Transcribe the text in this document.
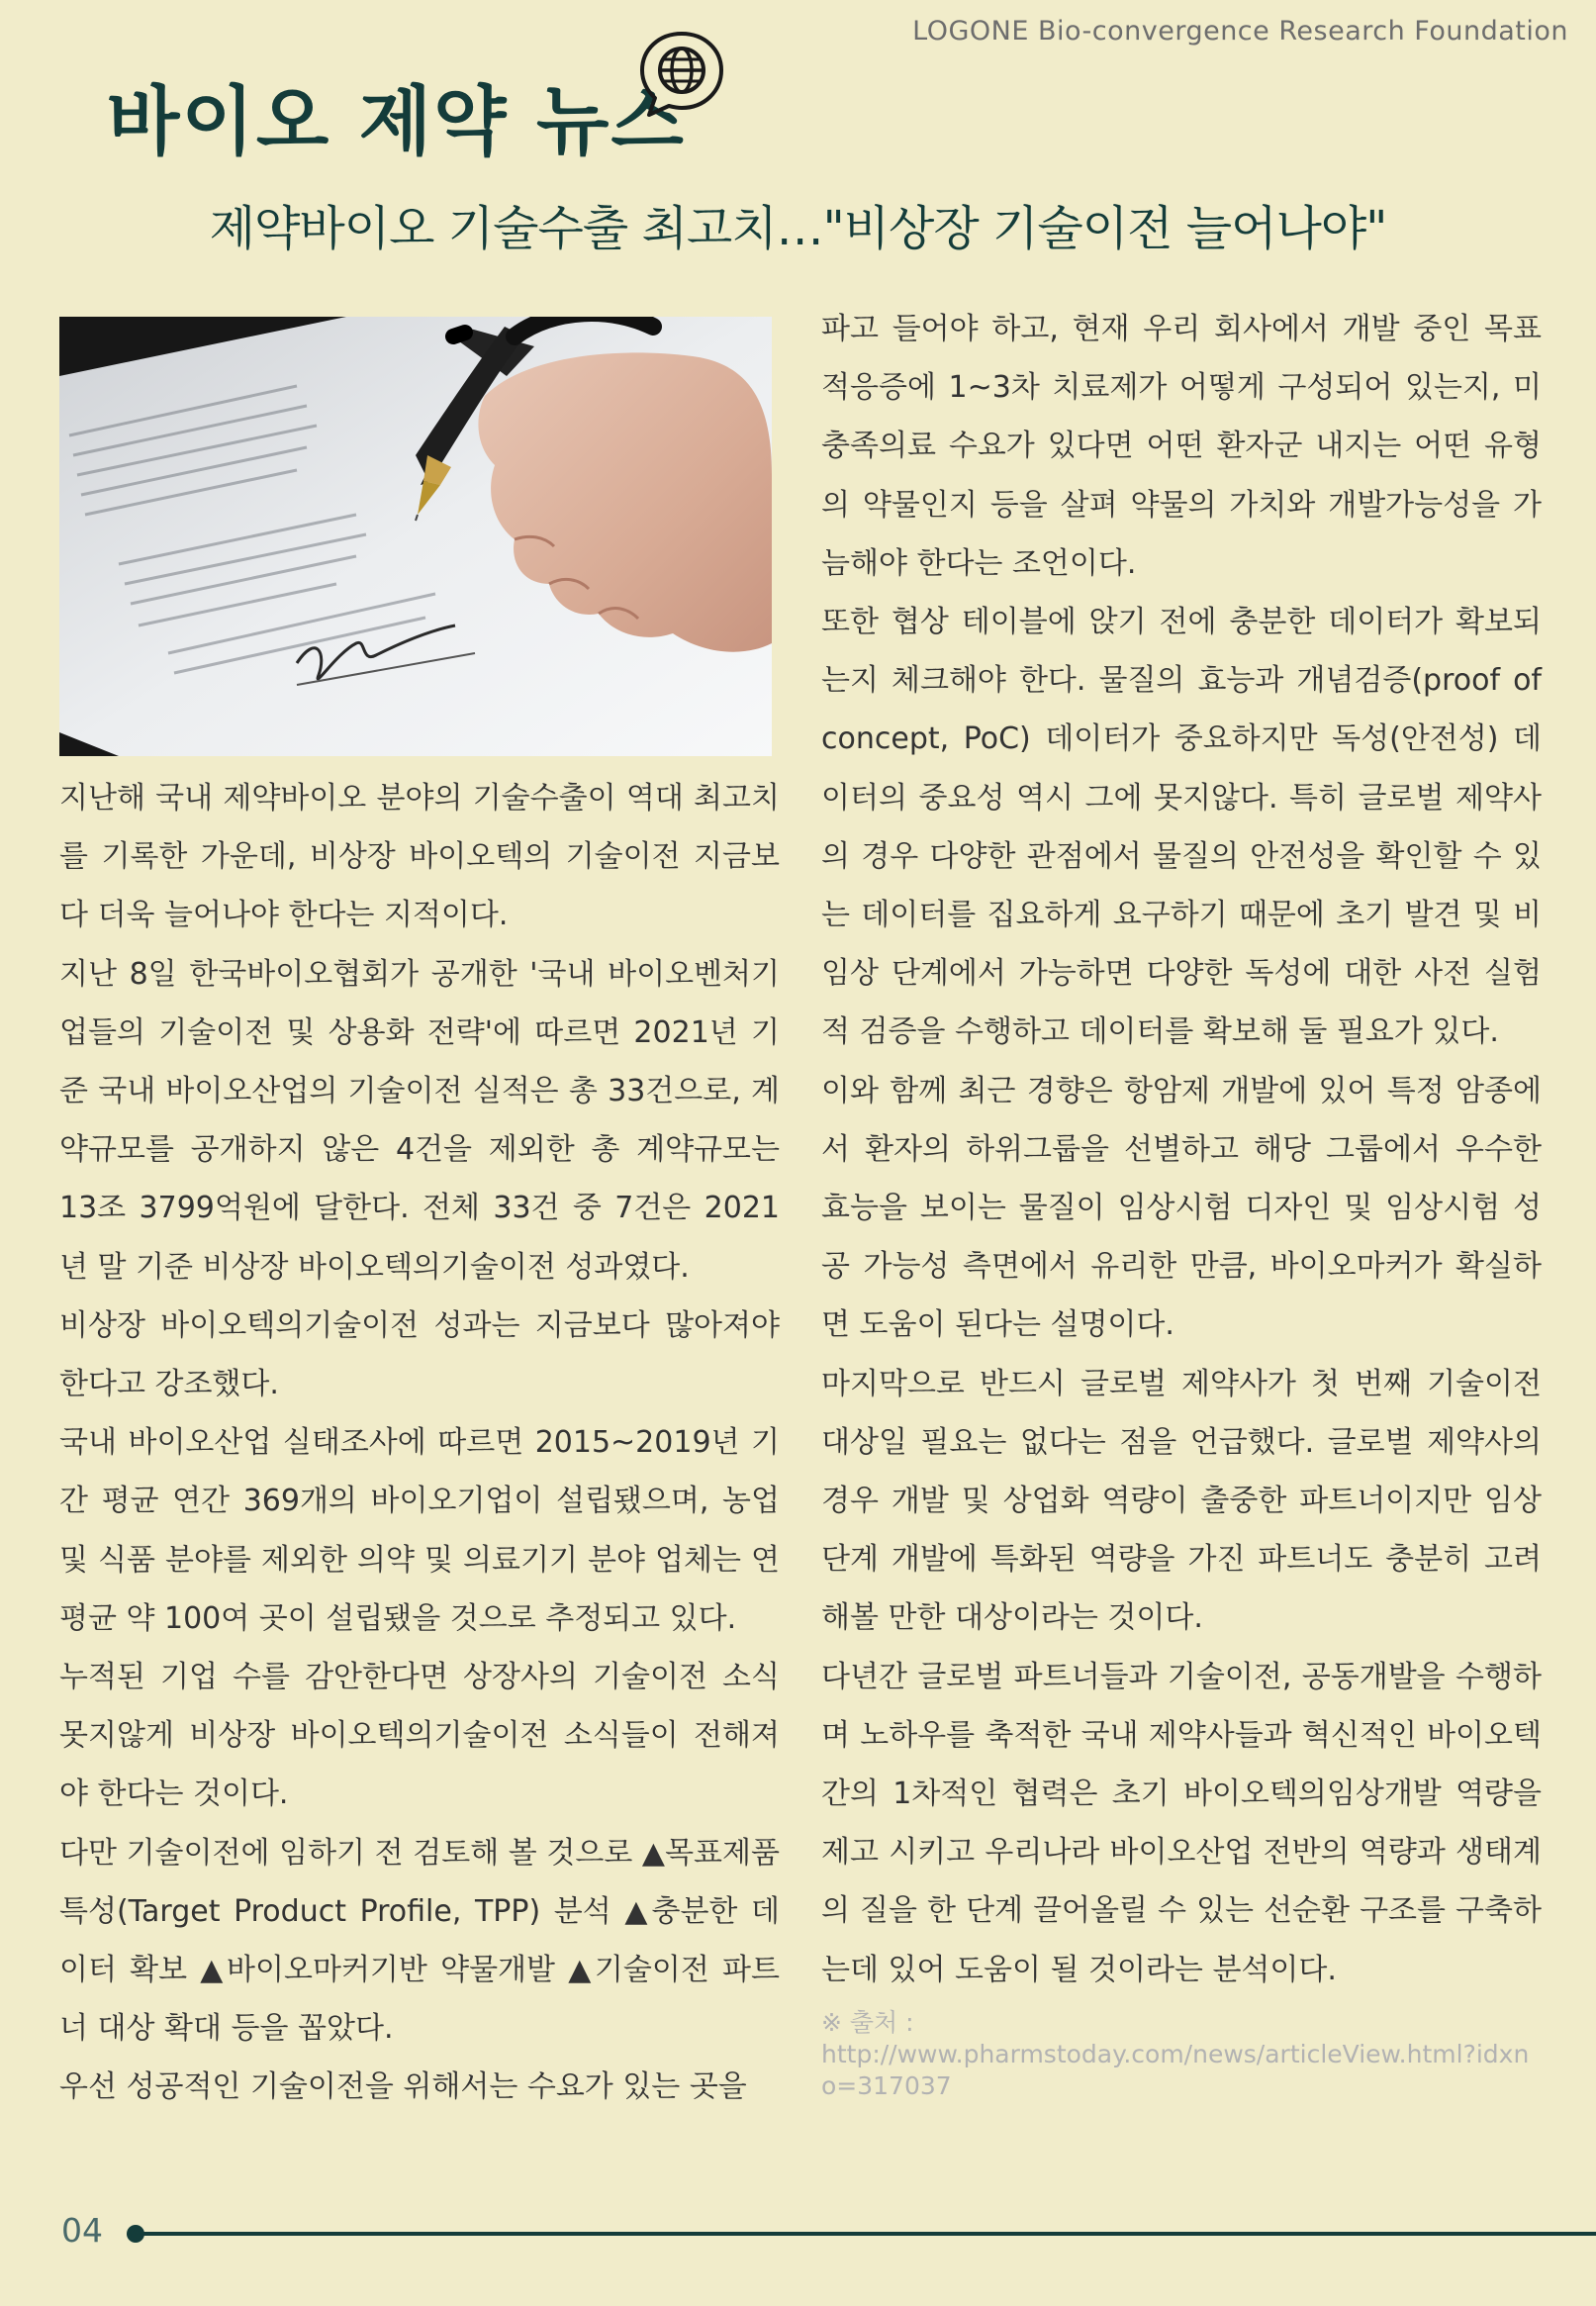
LOGONE Bio-convergence Research Foundation
바이오 제약 뉴스
제약바이오 기술수출 최고치…"비상장 기술이전 늘어나야"

지난해 국내 제약바이오 분야의 기술수출이 역대 최고치를 기록한 가운데, 비상장 바이오텍의 기술이전 지금보다 더욱 늘어나야 한다는 지적이다.

지난 8일 한국바이오협회가 공개한 '국내 바이오벤처기업들의 기술이전 및 상용화 전략'에 따르면 2021년 기준 국내 바이오산업의 기술이전 실적은 총 33건으로, 계약규모를 공개하지 않은 4건을 제외한 총 계약규모는 13조 3799억원에 달한다. 전체 33건 중 7건은 2021년 말 기준 비상장 바이오텍의기술이전 성과였다.

비상장 바이오텍의기술이전 성과는 지금보다 많아져야 한다고 강조했다.

국내 바이오산업 실태조사에 따르면 2015~2019년 기간 평균 연간 369개의 바이오기업이 설립됐으며, 농업 및 식품 분야를 제외한 의약 및 의료기기 분야 업체는 연평균 약 100여 곳이 설립됐을 것으로 추정되고 있다.

누적된 기업 수를 감안한다면 상장사의 기술이전 소식 못지않게 비상장 바이오텍의기술이전 소식들이 전해져야 한다는 것이다.

다만 기술이전에 임하기 전 검토해 볼 것으로 ▲목표제품 특성(Target Product Profile, TPP) 분석 ▲충분한 데이터 확보 ▲바이오마커기반 약물개발 ▲기술이전 파트너 대상 확대 등을 꼽았다.

우선 성공적인 기술이전을 위해서는 수요가 있는 곳을

파고 들어야 하고, 현재 우리 회사에서 개발 중인 목표 적응증에 1~3차 치료제가 어떻게 구성되어 있는지, 미충족의료 수요가 있다면 어떤 환자군 내지는 어떤 유형의 약물인지 등을 살펴 약물의 가치와 개발가능성을 가늠해야 한다는 조언이다.

또한 협상 테이블에 앉기 전에 충분한 데이터가 확보되는지 체크해야 한다. 물질의 효능과 개념검증(proof of concept, PoC) 데이터가 중요하지만 독성(안전성) 데이터의 중요성 역시 그에 못지않다. 특히 글로벌 제약사의 경우 다양한 관점에서 물질의 안전성을 확인할 수 있는 데이터를 집요하게 요구하기 때문에 초기 발견 및 비임상 단계에서 가능하면 다양한 독성에 대한 사전 실험적 검증을 수행하고 데이터를 확보해 둘 필요가 있다.

이와 함께 최근 경향은 항암제 개발에 있어 특정 암종에서 환자의 하위그룹을 선별하고 해당 그룹에서 우수한 효능을 보이는 물질이 임상시험 디자인 및 임상시험 성공 가능성 측면에서 유리한 만큼, 바이오마커가 확실하면 도움이 된다는 설명이다.

마지막으로 반드시 글로벌 제약사가 첫 번째 기술이전 대상일 필요는 없다는 점을 언급했다. 글로벌 제약사의 경우 개발 및 상업화 역량이 출중한 파트너이지만 임상단계 개발에 특화된 역량을 가진 파트너도 충분히 고려해볼 만한 대상이라는 것이다.

다년간 글로벌 파트너들과 기술이전, 공동개발을 수행하며 노하우를 축적한 국내 제약사들과 혁신적인 바이오텍간의 1차적인 협력은 초기 바이오텍의임상개발 역량을 제고 시키고 우리나라 바이오산업 전반의 역량과 생태계의 질을 한 단계 끌어올릴 수 있는 선순환 구조를 구축하는데 있어 도움이 될 것이라는 분석이다.

※ 출처 :
http://www.pharmstoday.com/news/articleView.html?idxno=317037

04
